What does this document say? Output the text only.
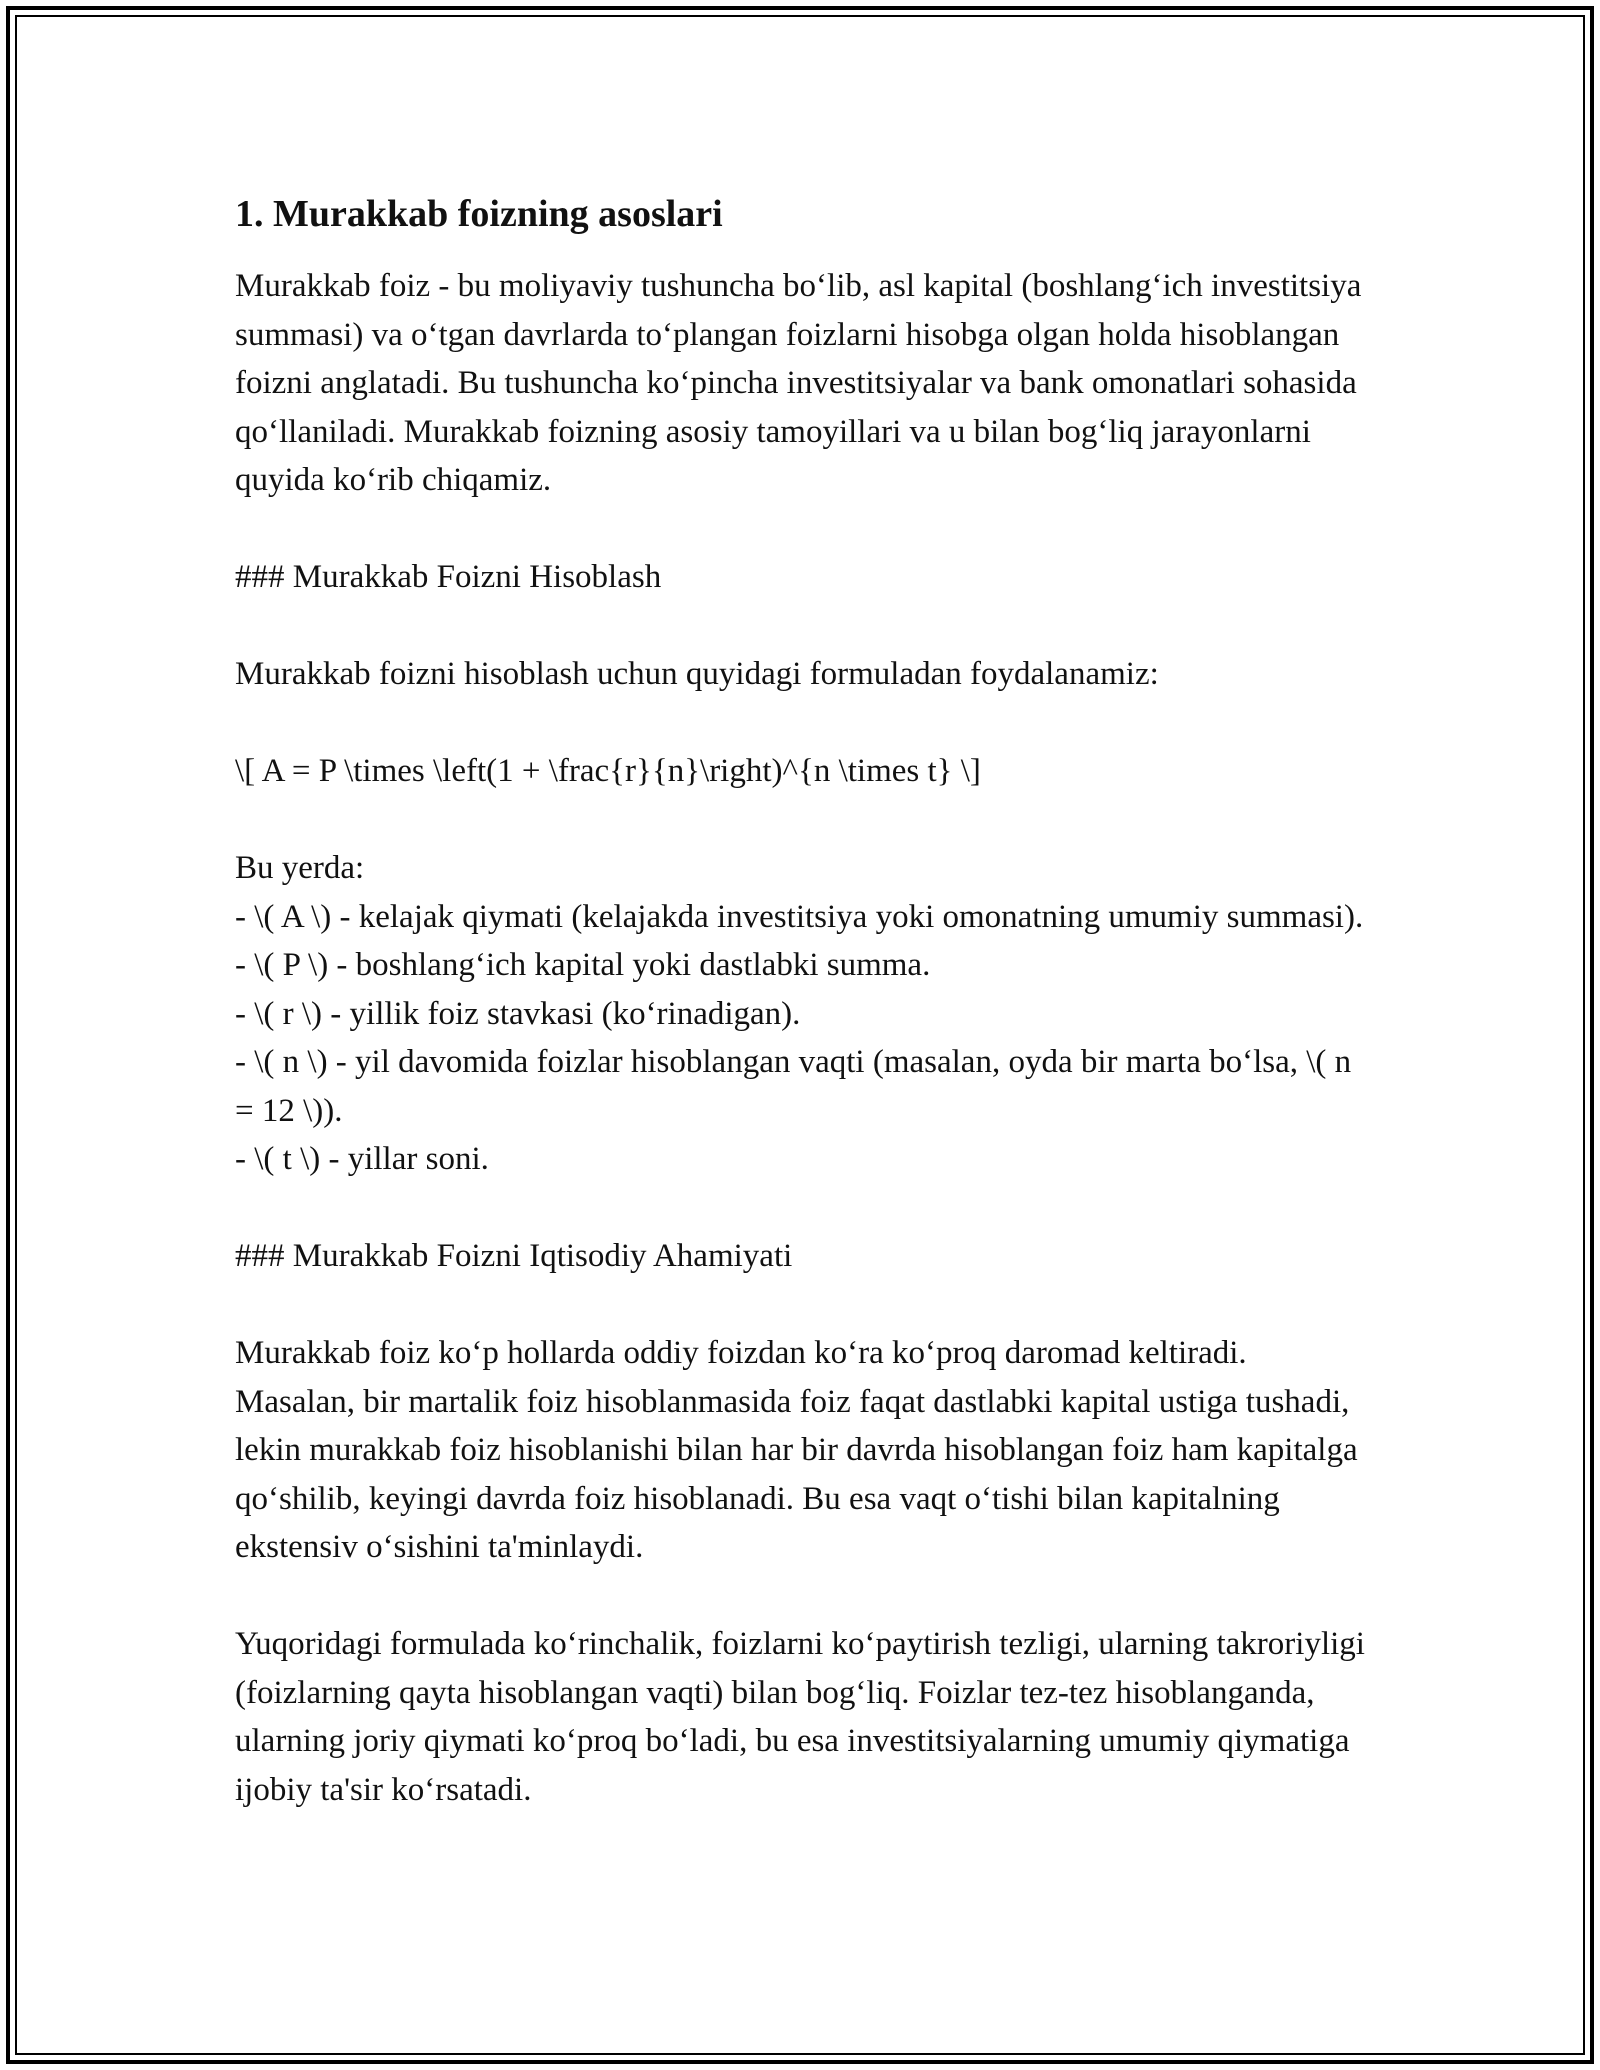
1. Murakkab foizning asoslari

Murakkab foiz - bu moliyaviy tushuncha bo‘lib, asl kapital (boshlang‘ich investitsiya summasi) va o‘tgan davrlarda to‘plangan foizlarni hisobga olgan holda hisoblangan foizni anglatadi. Bu tushuncha ko‘pincha investitsiyalar va bank omonatlari sohasida qo‘llaniladi. Murakkab foizning asosiy tamoyillari va u bilan bog‘liq jarayonlarni quyida ko‘rib chiqamiz.

### Murakkab Foizni Hisoblash

Murakkab foizni hisoblash uchun quyidagi formuladan foydalanamiz:

\[ A = P \times \left(1 + \frac{r}{n}\right)^{n \times t} \]

Bu yerda:

- \( A \) - kelajak qiymati (kelajakda investitsiya yoki omonatning umumiy summasi).
- \( P \) - boshlang‘ich kapital yoki dastlabki summa.
- \( r \) - yillik foiz stavkasi (ko‘rinadigan).
- \( n \) - yil davomida foizlar hisoblangan vaqti (masalan, oyda bir marta bo‘lsa, \( n = 12 \)).
- \( t \) - yillar soni.

### Murakkab Foizni Iqtisodiy Ahamiyati

Murakkab foiz ko‘p hollarda oddiy foizdan ko‘ra ko‘proq daromad keltiradi. Masalan, bir martalik foiz hisoblanmasida foiz faqat dastlabki kapital ustiga tushadi, lekin murakkab foiz hisoblanishi bilan har bir davrda hisoblangan foiz ham kapitalga qo‘shilib, keyingi davrda foiz hisoblanadi. Bu esa vaqt o‘tishi bilan kapitalning ekstensiv o‘sishini ta'minlaydi.

Yuqoridagi formulada ko‘rinchalik, foizlarni ko‘paytirish tezligi, ularning takroriyligi (foizlarning qayta hisoblangan vaqti) bilan bog‘liq. Foizlar tez-tez hisoblanganda, ularning joriy qiymati ko‘proq bo‘ladi, bu esa investitsiyalarning umumiy qiymatiga ijobiy ta'sir ko‘rsatadi.
